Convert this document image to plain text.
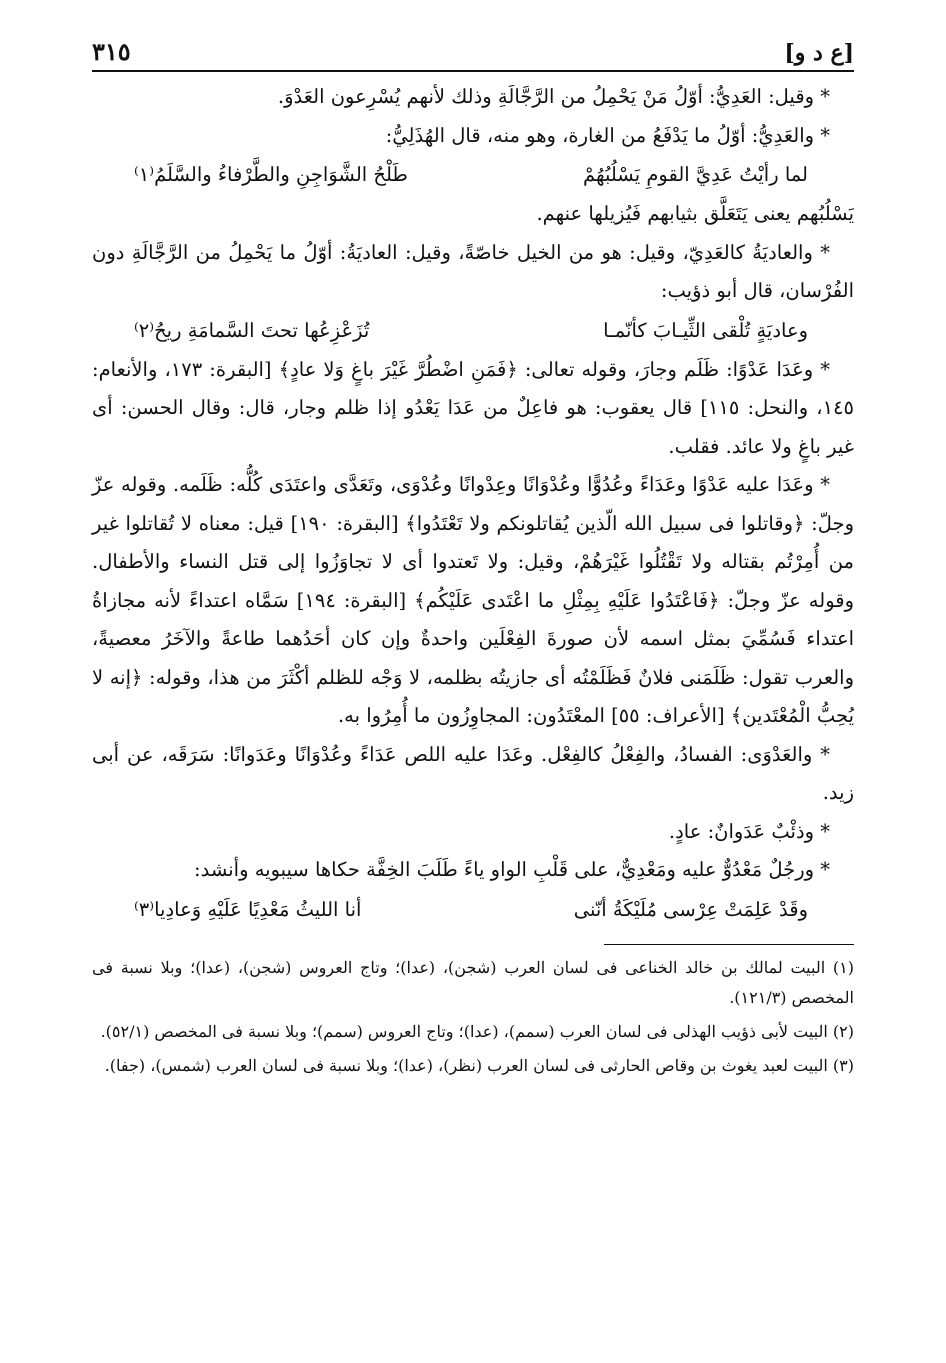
[ع د و]
٣١٥

* وقيل: العَدِيُّ: أوّلُ مَنْ يَحْمِلُ من الرَّجَّالَةِ وذلك لأنهم يُسْرِعون العَدْوَ.

* والعَدِيُّ: أوّلُ ما يَدْفَعُ من الغارة، وهو منه، قال الهُذَلِيُّ:

لما رأيْتُ عَدِيَّ القومِ يَسْلُبُهُمْ
طَلْحُ الشَّوَاجِنِ والطَّرْفاءُ والسَّلَمُ⁽١⁾

يَسْلُبُهم يعنى يَتَعَلَّق بثيابهم فَيُزيلها عنهم.

* والعاديَةُ كالعَدِيّ، وقيل: هو من الخيل خاصّةً، وقيل: العاديَةُ: أوّلُ ما يَحْمِلُ من الرَّجَّالَةِ دون الفُرْسان، قال أبو ذؤيب:

وعاديَةٍ تُلْقى الثِّيـابَ كأنّمـا
تُزَعْزِعُها تحتَ السَّمامَةِ ريحُ⁽٢⁾

* وعَدَا عَدْوًا: ظَلَم وجارَ، وقوله تعالى: ﴿فَمَنِ اضْطُرَّ غَيْرَ باغٍ وَلا عادٍ﴾ [البقرة: ١٧٣، والأنعام: ١٤٥، والنحل: ١١٥] قال يعقوب: هو فاعِلٌ من عَدَا يَعْدُو إذا ظلم وجار، قال: وقال الحسن: أى غير باغٍ ولا عائد. فقلب.

* وعَدَا عليه عَدْوًا وعَدَاءً وعُدُوًّا وعُدْوَانًا وعِدْوانًا وعُدْوَى، وتَعَدَّى واعتَدَى كُلُّه: ظَلَمه. وقوله عزّ وجلّ: ﴿وقاتلوا فى سبيل الله الّذين يُقاتلونكم ولا تَعْتَدُوا﴾ [البقرة: ١٩٠] قيل: معناه لا تُقاتلوا غير من أُمِرْتُم بقتاله ولا تَقْتُلُوا غَيْرَهُمْ، وقيل: ولا تَعتدوا أى لا تجاوَزُوا إلى قتل النساء والأطفال. وقوله عزّ وجلّ: ﴿فَاعْتَدُوا عَلَيْهِ بِمِثْلِ ما اعْتَدى عَلَيْكُم﴾ [البقرة: ١٩٤] سَمَّاه اعتداءً لأنه مجازاةُ اعتداء فَسُمِّيَ بمثل اسمه لأن صورةَ الفِعْلَين واحدةٌ وإن كان أحَدُهما طاعةً والآخَرُ معصيةً، والعرب تقول: ظَلَمَنى فلانٌ فَظَلَمْتُه أى جازيتُه بظلمه، لا وَجْه للظلم أكْثَرَ من هذا، وقوله: ﴿إنه لا يُحِبُّ الْمُعْتَدين﴾ [الأعراف: ٥٥] المعْتَدُون: المجاوِزُون ما أُمِرُوا به.

* والعَدْوَى: الفسادُ، والفِعْلُ كالفِعْل. وعَدَا عليه اللص عَدَاءً وعُدْوَانًا وعَدَوانًا: سَرَقَه، عن أبى زيد.

* وذئْبٌ عَدَوانٌ: عادٍ.

* ورجُلٌ مَعْدُوٌّ عليه ومَعْدِيٌّ، على قَلْبِ الواو ياءً طَلَبَ الخِفَّة حكاها سيبويه وأنشد:

وقَدْ عَلِمَتْ عِرْسى مُلَيْكَةُ أنّنى
أنا الليثُ مَعْدِيًا عَلَيْهِ وَعادِيا⁽٣⁾

(١) البيت لمالك بن خالد الخناعى فى لسان العرب (شجن)، (عدا)؛ وتاج العروس (شجن)، (عدا)؛ وبلا نسبة فى المخصص (١٢١/٣).

(٢) البيت لأبى ذؤيب الهذلى فى لسان العرب (سمم)، (عدا)؛ وتاج العروس (سمم)؛ وبلا نسبة فى المخصص (٥٢/١).

(٣) البيت لعبد يغوث بن وقاص الحارثى فى لسان العرب (نظر)، (عدا)؛ وبلا نسبة فى لسان العرب (شمس)، (جفا).
